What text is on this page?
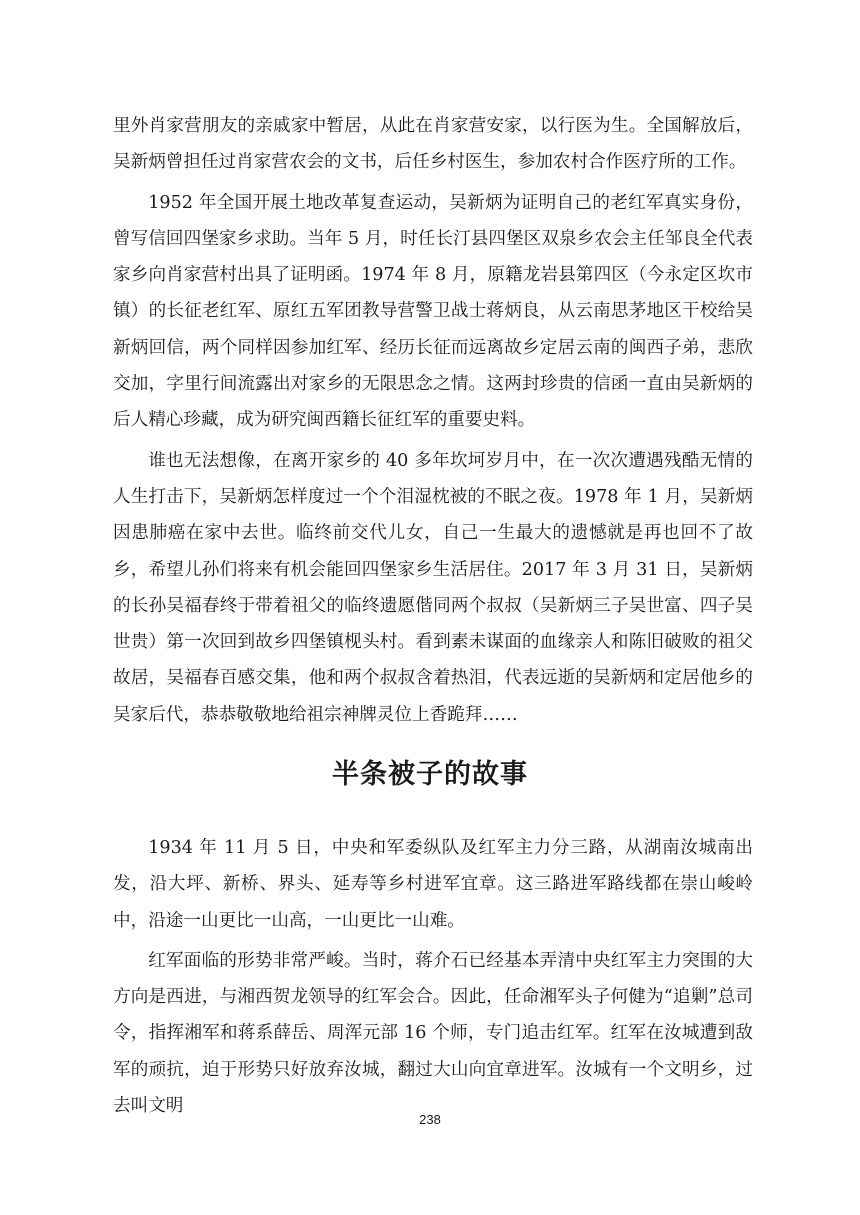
里外肖家营朋友的亲戚家中暂居，从此在肖家营安家，以行医为生。全国解放后，吴新炳曾担任过肖家营农会的文书，后任乡村医生，参加农村合作医疗所的工作。

1952 年全国开展土地改革复查运动，吴新炳为证明自己的老红军真实身份，曾写信回四堡家乡求助。当年 5 月，时任长汀县四堡区双泉乡农会主任邹良全代表家乡向肖家营村出具了证明函。1974 年 8 月，原籍龙岩县第四区（今永定区坎市镇）的长征老红军、原红五军团教导营警卫战士蒋炳良，从云南思茅地区干校给吴新炳回信，两个同样因参加红军、经历长征而远离故乡定居云南的闽西子弟，悲欣交加，字里行间流露出对家乡的无限思念之情。这两封珍贵的信函一直由吴新炳的后人精心珍藏，成为研究闽西籍长征红军的重要史料。

谁也无法想像，在离开家乡的 40 多年坎坷岁月中，在一次次遭遇残酷无情的人生打击下，吴新炳怎样度过一个个泪湿枕被的不眠之夜。1978 年 1 月，吴新炳因患肺癌在家中去世。临终前交代儿女，自己一生最大的遗憾就是再也回不了故乡，希望儿孙们将来有机会能回四堡家乡生活居住。2017 年 3 月 31 日，吴新炳的长孙吴福春终于带着祖父的临终遗愿偕同两个叔叔（吴新炳三子吴世富、四子吴世贵）第一次回到故乡四堡镇枧头村。看到素未谋面的血缘亲人和陈旧破败的祖父故居，吴福春百感交集，他和两个叔叔含着热泪，代表远逝的吴新炳和定居他乡的吴家后代，恭恭敬敬地给祖宗神牌灵位上香跪拜……

半条被子的故事

1934 年 11 月 5 日，中央和军委纵队及红军主力分三路，从湖南汝城南出发，沿大坪、新桥、界头、延寿等乡村进军宜章。这三路进军路线都在崇山峻岭中，沿途一山更比一山高，一山更比一山难。

红军面临的形势非常严峻。当时，蒋介石已经基本弄清中央红军主力突围的大方向是西进，与湘西贺龙领导的红军会合。因此，任命湘军头子何健为“追剿”总司令，指挥湘军和蒋系薛岳、周浑元部 16 个师，专门追击红军。红军在汝城遭到敌军的顽抗，迫于形势只好放弃汝城，翻过大山向宜章进军。汝城有一个文明乡，过去叫文明

238
